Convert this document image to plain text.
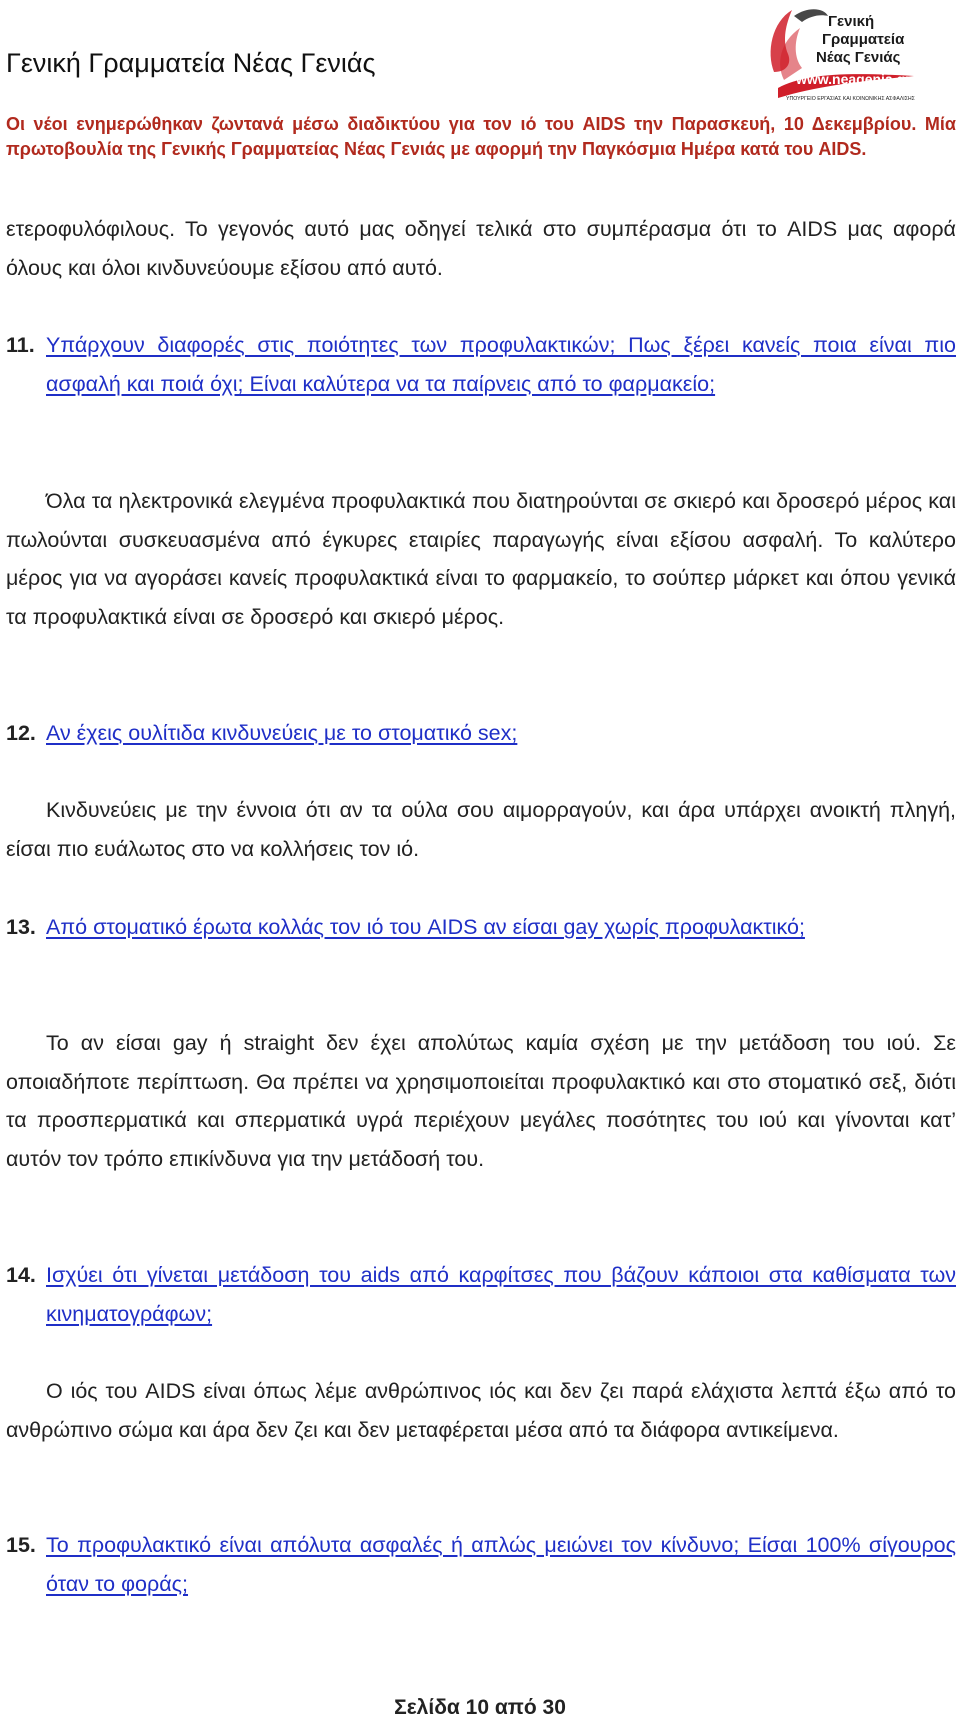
Γενική Γραμματεία Νέας Γενιάς
Γενική
Γραμματεία
Νέας Γενιάς
www.neagenia.gr
ΥΠΟΥΡΓΕΙΟ ΕΡΓΑΣΙΑΣ ΚΑΙ ΚΟΙΝΩΝΙΚΗΣ ΑΣΦΑΛΙΣΗΣ

Οι νέοι ενημερώθηκαν ζωντανά μέσω διαδικτύου για τον ιό του AIDS την Παρασκευή, 10 Δεκεμβρίου. Μία πρωτοβουλία της Γενικής Γραμματείας Νέας Γενιάς με αφορμή την Παγκόσμια Ημέρα κατά του AIDS.

ετεροφυλόφιλους. Το γεγονός αυτό μας οδηγεί τελικά στο συμπέρασμα ότι το AIDS μας αφορά όλους και όλοι κινδυνεύουμε εξίσου από αυτό.

11. Υπάρχουν διαφορές στις ποιότητες των προφυλακτικών; Πως ξέρει κανείς ποια είναι πιο ασφαλή και ποιά όχι; Είναι καλύτερα να τα παίρνεις από το φαρμακείο;

Όλα τα ηλεκτρονικά ελεγμένα προφυλακτικά που διατηρούνται σε σκιερό και δροσερό μέρος και πωλούνται συσκευασμένα από έγκυρες εταιρίες παραγωγής είναι εξίσου ασφαλή. Το καλύτερο μέρος για να αγοράσει κανείς προφυλακτικά είναι το φαρμακείο, το σούπερ μάρκετ και όπου γενικά τα προφυλακτικά είναι σε δροσερό και σκιερό μέρος.

12. Αν έχεις ουλίτιδα κινδυνεύεις με το στοματικό sex;

Κινδυνεύεις με την έννοια ότι αν τα ούλα σου αιμορραγούν, και άρα υπάρχει ανοικτή πληγή, είσαι πιο ευάλωτος στο να κολλήσεις τον ιό.

13. Από στοματικό έρωτα κολλάς τον ιό του AIDS αν είσαι gay χωρίς προφυλακτικό;

Το αν είσαι gay ή straight δεν έχει απολύτως καμία σχέση με την μετάδοση του ιού. Σε οποιαδήποτε περίπτωση. Θα πρέπει να χρησιμοποιείται προφυλακτικό και στο στοματικό σεξ, διότι τα προσπερματικά και σπερματικά υγρά περιέχουν μεγάλες ποσότητες του ιού και γίνονται κατ’ αυτόν τον τρόπο επικίνδυνα για την μετάδοσή του.

14. Ισχύει ότι γίνεται μετάδοση του aids από καρφίτσες που βάζουν κάποιοι στα καθίσματα των κινηματογράφων;

Ο ιός του AIDS είναι όπως λέμε ανθρώπινος ιός και δεν ζει παρά ελάχιστα λεπτά έξω από το ανθρώπινο σώμα και άρα δεν ζει και δεν μεταφέρεται μέσα από τα διάφορα αντικείμενα.

15. Το προφυλακτικό είναι απόλυτα ασφαλές ή απλώς μειώνει τον κίνδυνο; Είσαι 100% σίγουρος όταν το φοράς;
Σελίδα 10 από 30
